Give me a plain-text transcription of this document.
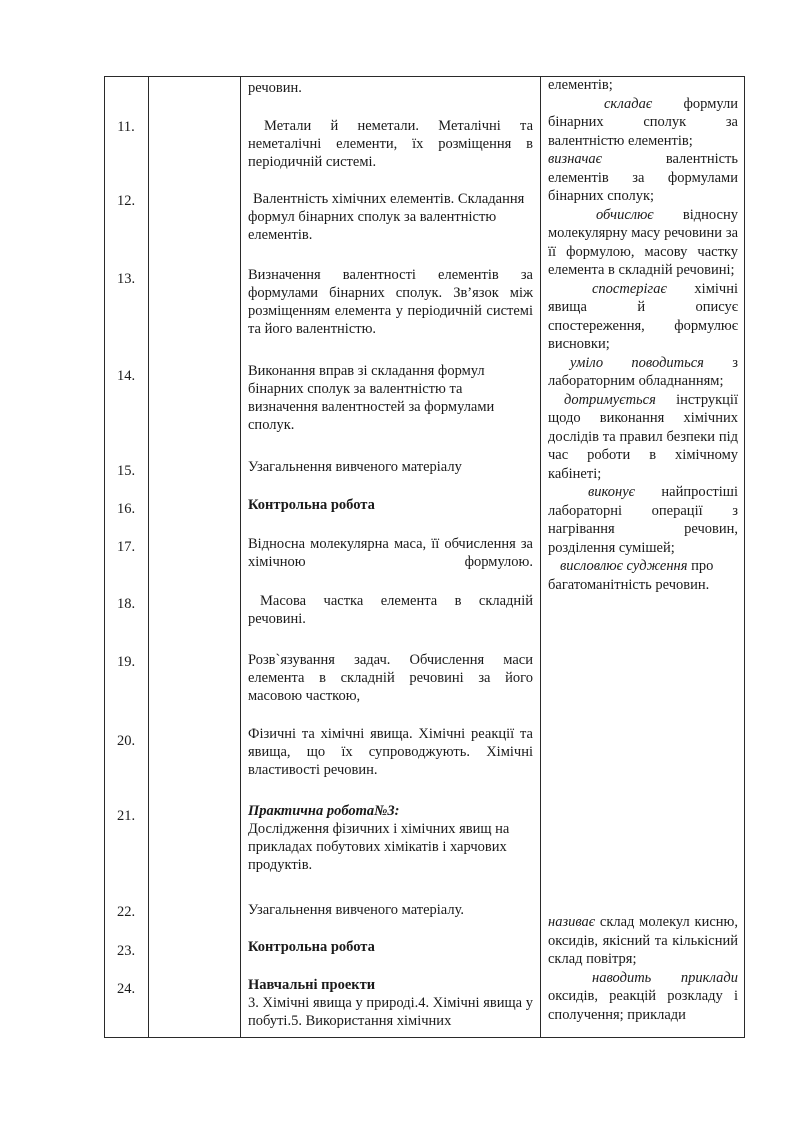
11.
12.
13.
14.
15.
16.
17.
18.
19.
20.
21.
22.
23.
24.

речовин.

Метали й неметали. Металічні та неметалічні елементи, їх розміщення в періодичній системі.

Валентність хімічних елементів. Складання формул бінарних сполук за валентністю елементів.

Визначення валентності елементів за формулами бінарних сполук. Зв’язок між розміщенням елемента у періодичній системі та його валентністю.

Виконання вправ зі складання формул бінарних сполук за валентністю та визначення валентностей за формулами сполук.

Узагальнення вивченого матеріалу

Контрольна робота

Відносна молекулярна маса, її обчислення за хімічною формулою.

Масова частка елемента в складній речовині.

Розв`язування задач. Обчислення маси елемента в складній речовині за його масовою часткою,

Фізичні та хімічні явища. Хімічні реакції та явища, що їх супроводжують. Хімічні властивості речовин.

Практична робота№3:
Дослідження фізичних і хімічних явищ на прикладах побутових хімікатів і харчових продуктів.

Узагальнення вивченого матеріалу.

Контрольна робота

Навчальні проекти
3. Хімічні явища у природі.4. Хімічні явища у побуті.5. Використання хімічних
елементів;
складає формули бінарних сполук за валентністю елементів;
визначає валентність елементів за формулами бінарних сполук;
обчислює відносну молекулярну масу речовини за її формулою, масову частку елемента в складній речовині;
спостерігає хімічні явища й описує спостереження, формулює висновки;
уміло поводиться з лабораторним обладнанням;
дотримується інструкції щодо виконання хімічних дослідів та правил безпеки під час роботи в хімічному кабінеті;
виконує найпростіші лабораторні операції з нагрівання речовин, розділення сумішей;
висловлює судження про багатоманітність речовин.
називає склад молекул кисню, оксидів, якісний та кількісний склад повітря;
наводить приклади оксидів, реакцій розкладу і сполучення; приклади
